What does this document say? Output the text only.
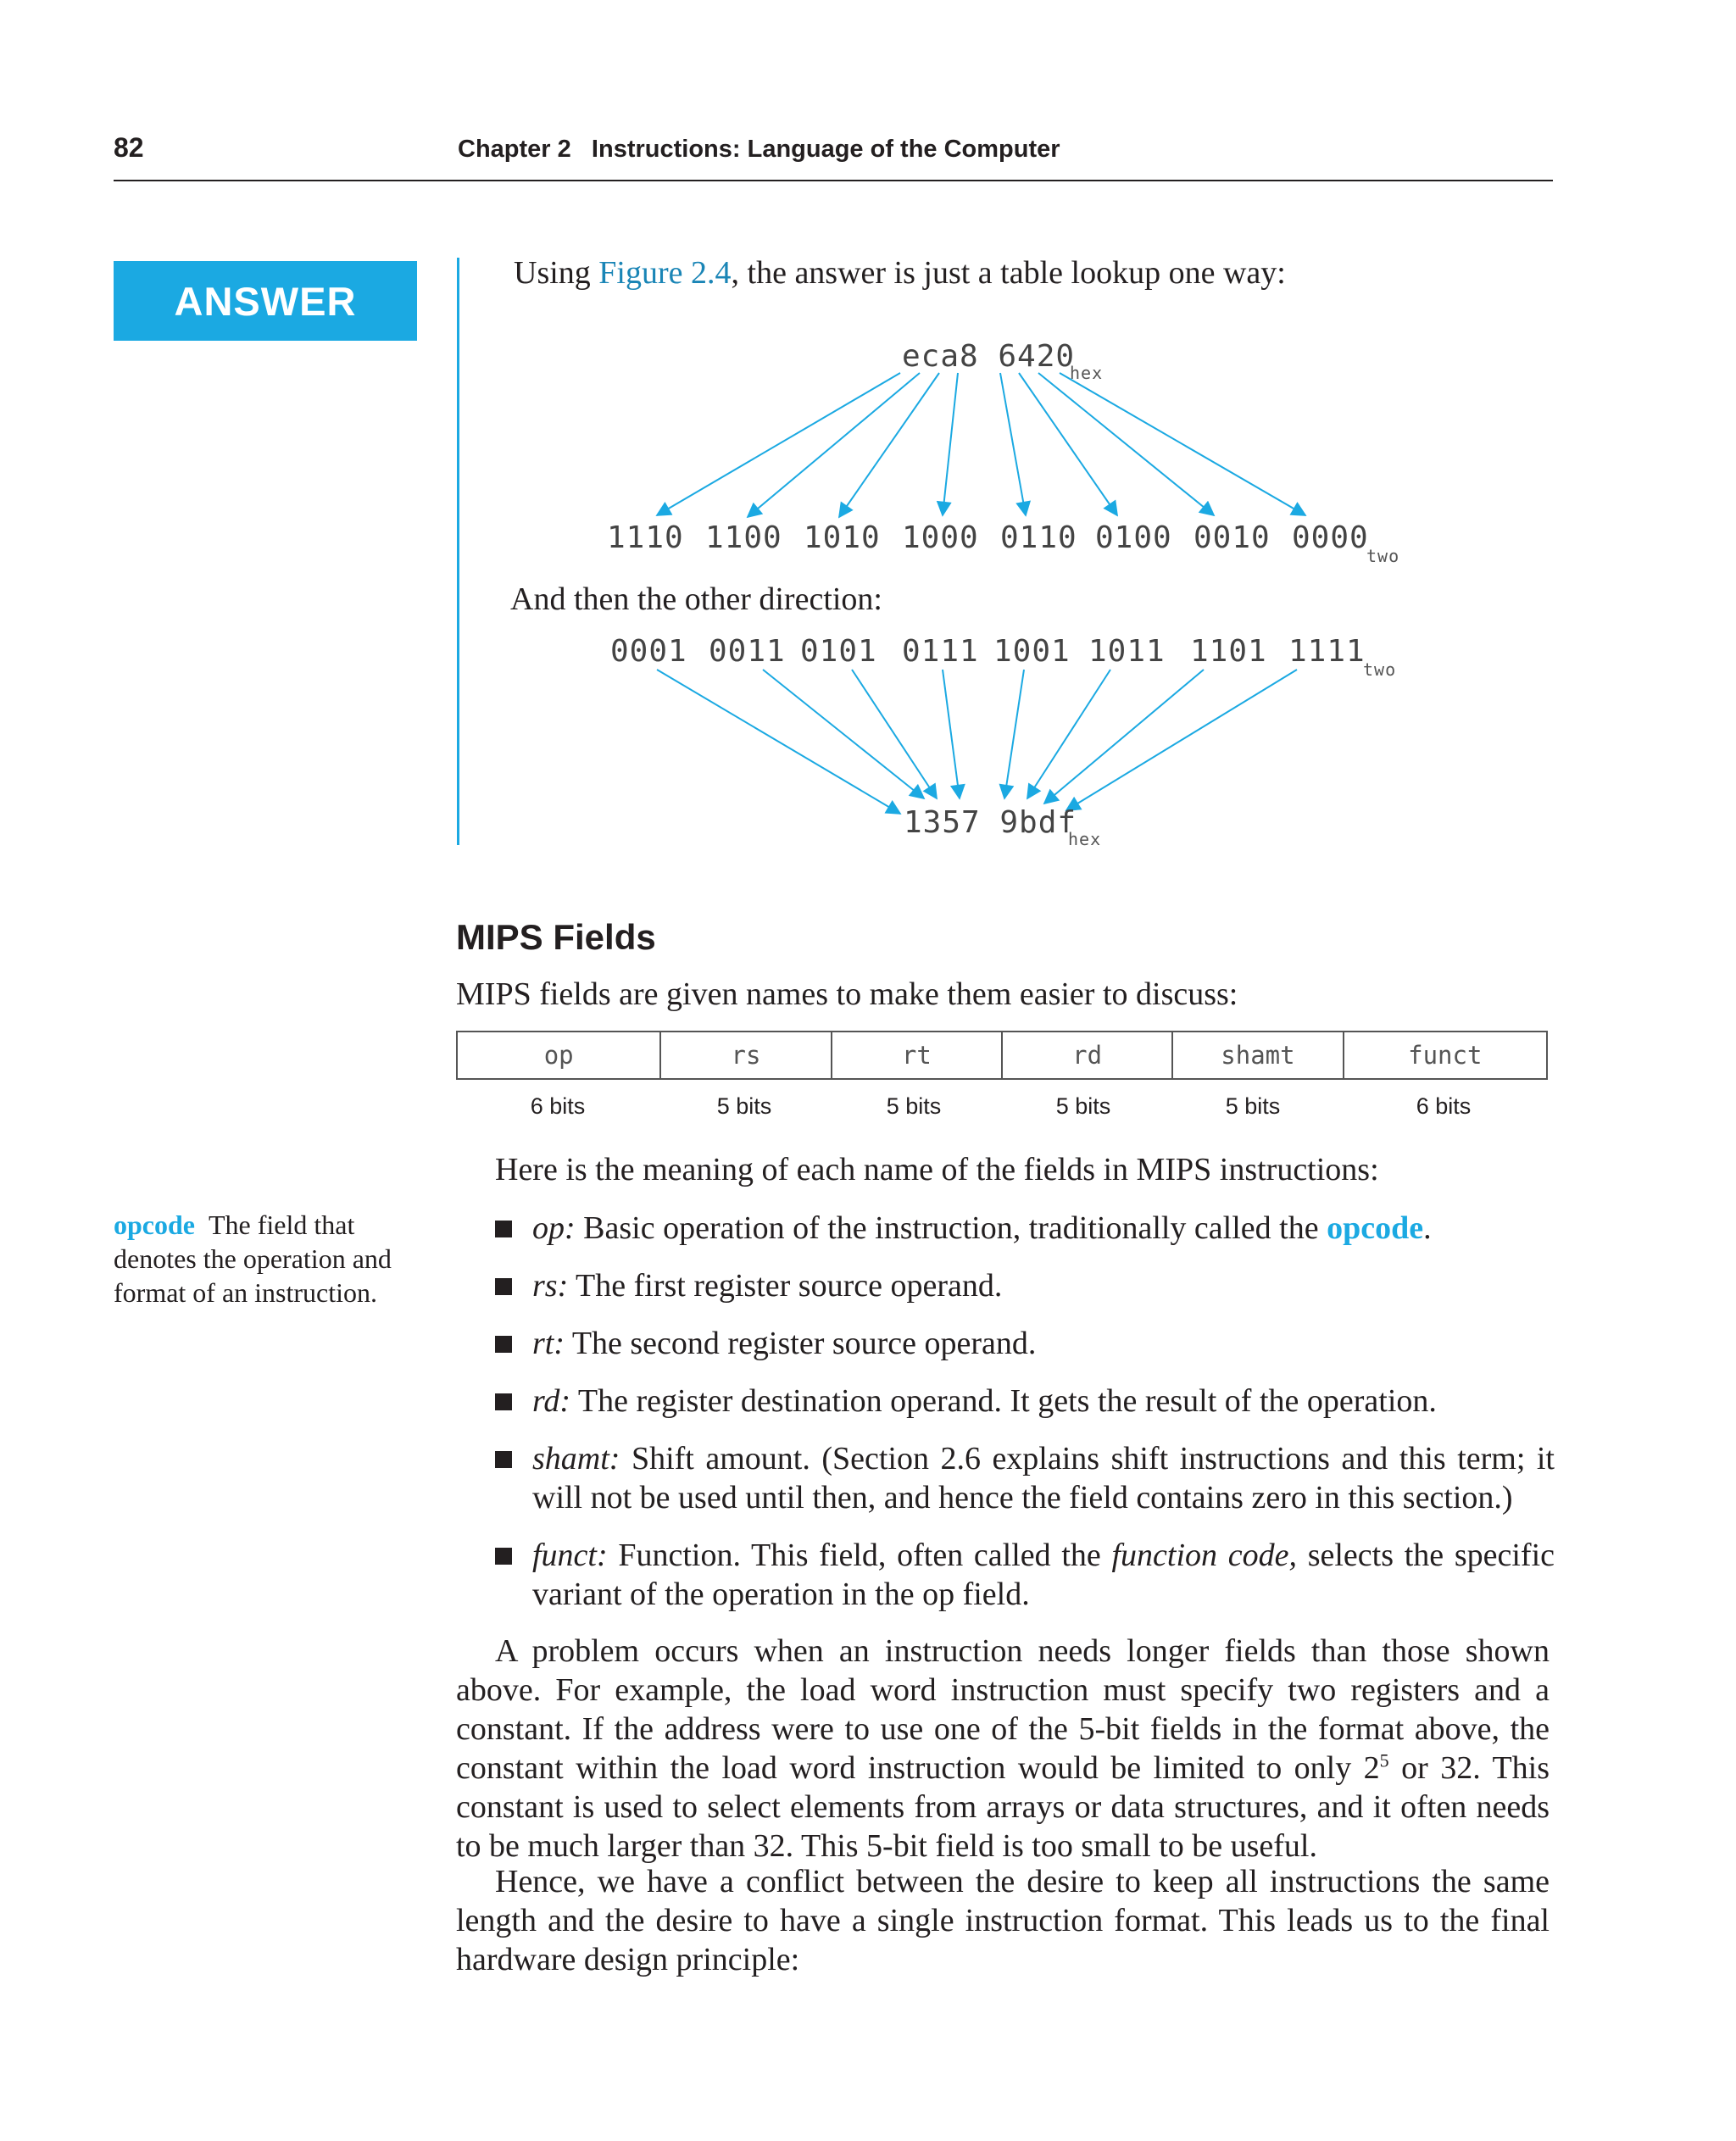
82	Chapter 2   Instructions: Language of the Computer
ANSWER
Using Figure 2.4, the answer is just a table lookup one way:
eca8 6420
hex
1110 1100 1010 1000 0110 0100 0010 0000
two
And then the other direction:
0001 0011 0101 0111 1001 1011 1101 1111
two
1357 9bdf
hex
MIPS Fields
MIPS fields are given names to make them easier to discuss:
op	rs	rt	rd	shamt	funct
6 bits	5 bits	5 bits	5 bits	5 bits	6 bits
Here is the meaning of each name of the fields in MIPS instructions:
opcode The field that denotes the operation and format of an instruction.
op: Basic operation of the instruction, traditionally called the opcode.
rs: The first register source operand.
rt: The second register source operand.
rd: The register destination operand. It gets the result of the operation.
shamt: Shift amount. (Section 2.6 explains shift instructions and this term; it will not be used until then, and hence the field contains zero in this section.)
funct: Function. This field, often called the function code, selects the specific variant of the operation in the op field.

A problem occurs when an instruction needs longer fields than those shown above. For example, the load word instruction must specify two registers and a constant. If the address were to use one of the 5-bit fields in the format above, the constant within the load word instruction would be limited to only $2^5$ or 32. This constant is used to select elements from arrays or data structures, and it often needs to be much larger than 32. This 5-bit field is too small to be useful.

Hence, we have a conflict between the desire to keep all instructions the same length and the desire to have a single instruction format. This leads us to the final hardware design principle:
